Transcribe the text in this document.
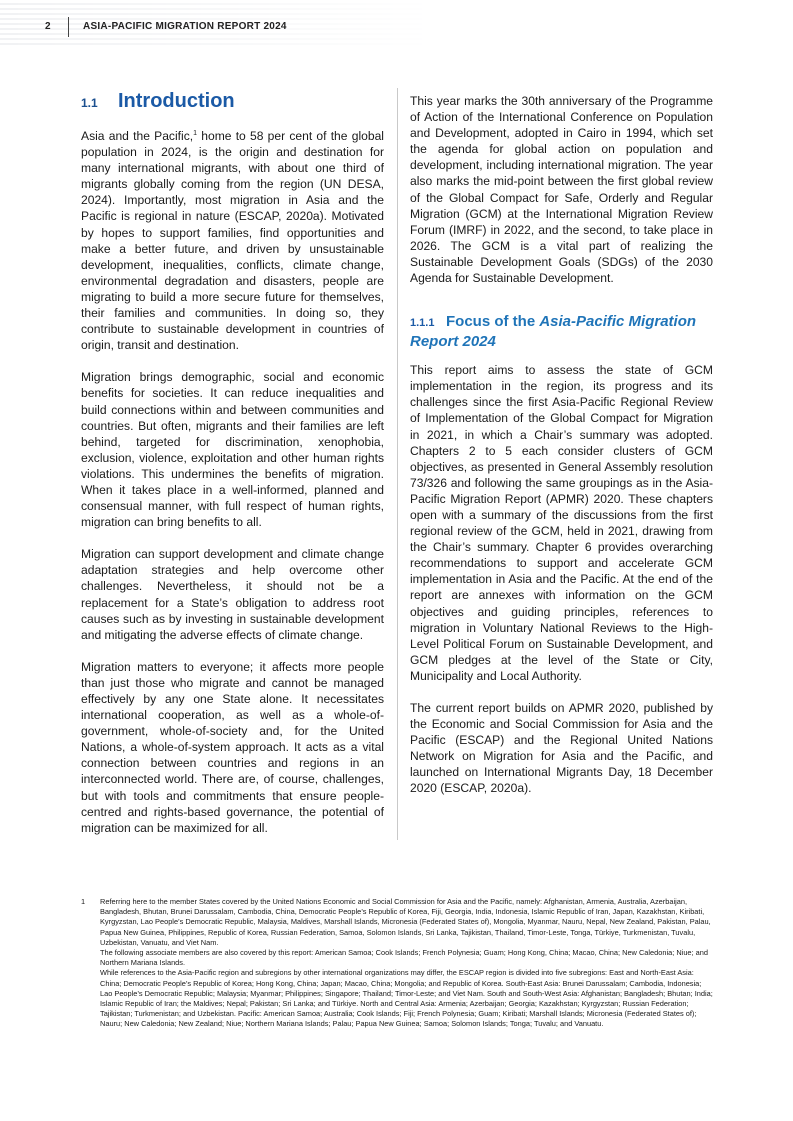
2	ASIA-PACIFIC MIGRATION REPORT 2024
1.1	Introduction

Asia and the Pacific,$^1$ home to 58 per cent of the global population in 2024, is the origin and destination for many international migrants, with about one third of migrants globally coming from the region (UN DESA, 2024). Importantly, most migration in Asia and the Pacific is regional in nature (ESCAP, 2020a). Motivated by hopes to support families, find opportunities and make a better future, and driven by unsustainable development, inequalities, conflicts, climate change, environmental degradation and disasters, people are migrating to build a more secure future for themselves, their families and communities. In doing so, they contribute to sustainable development in countries of origin, transit and destination.

Migration brings demographic, social and economic benefits for societies. It can reduce inequalities and build connections within and between communities and countries. But often, migrants and their families are left behind, targeted for discrimination, xenophobia, exclusion, violence, exploitation and other human rights violations. This undermines the benefits of migration. When it takes place in a well-informed, planned and consensual manner, with full respect of human rights, migration can bring benefits to all.

Migration can support development and climate change adaptation strategies and help overcome other challenges. Nevertheless, it should not be a replacement for a State’s obligation to address root causes such as by investing in sustainable development and mitigating the adverse effects of climate change.

Migration matters to everyone; it affects more people than just those who migrate and cannot be managed effectively by any one State alone. It necessitates international cooperation, as well as a whole-of-government, whole-of-society and, for the United Nations, a whole-of-system approach. It acts as a vital connection between countries and regions in an interconnected world. There are, of course, challenges, but with tools and commitments that ensure people-centred and rights-based governance, the potential of migration can be maximized for all.

This year marks the 30th anniversary of the Programme of Action of the International Conference on Population and Development, adopted in Cairo in 1994, which set the agenda for global action on population and development, including international migration. The year also marks the mid-point between the first global review of the Global Compact for Safe, Orderly and Regular Migration (GCM) at the International Migration Review Forum (IMRF) in 2022, and the second, to take place in 2026. The GCM is a vital part of realizing the Sustainable Development Goals (SDGs) of the 2030 Agenda for Sustainable Development.

1.1.1 Focus of the Asia-Pacific Migration Report 2024

This report aims to assess the state of GCM implementation in the region, its progress and its challenges since the first Asia-Pacific Regional Review of Implementation of the Global Compact for Migration in 2021, in which a Chair’s summary was adopted. Chapters 2 to 5 each consider clusters of GCM objectives, as presented in General Assembly resolution 73/326 and following the same groupings as in the Asia-Pacific Migration Report (APMR) 2020. These chapters open with a summary of the discussions from the first regional review of the GCM, held in 2021, drawing from the Chair’s summary. Chapter 6 provides overarching recommendations to support and accelerate GCM implementation in Asia and the Pacific. At the end of the report are annexes with information on the GCM objectives and guiding principles, references to migration in Voluntary National Reviews to the High-Level Political Forum on Sustainable Development, and GCM pledges at the level of the State or City, Municipality and Local Authority.

The current report builds on APMR 2020, published by the Economic and Social Commission for Asia and the Pacific (ESCAP) and the Regional United Nations Network on Migration for Asia and the Pacific, and launched on International Migrants Day, 18 December 2020 (ESCAP, 2020a).

1	Referring here to the member States covered by the United Nations Economic and Social Commission for Asia and the Pacific, namely: Afghanistan, Armenia, Australia, Azerbaijan, Bangladesh, Bhutan, Brunei Darussalam, Cambodia, China, Democratic People’s Republic of Korea, Fiji, Georgia, India, Indonesia, Islamic Republic of Iran, Japan, Kazakhstan, Kiribati, Kyrgyzstan, Lao People’s Democratic Republic, Malaysia, Maldives, Marshall Islands, Micronesia (Federated States of), Mongolia, Myanmar, Nauru, Nepal, New Zealand, Pakistan, Palau, Papua New Guinea, Philippines, Republic of Korea, Russian Federation, Samoa, Solomon Islands, Sri Lanka, Tajikistan, Thailand, Timor-Leste, Tonga, Türkiye, Turkmenistan, Tuvalu, Uzbekistan, Vanuatu, and Viet Nam.

The following associate members are also covered by this report: American Samoa; Cook Islands; French Polynesia; Guam; Hong Kong, China; Macao, China; New Caledonia; Niue; and Northern Mariana Islands.

While references to the Asia-Pacific region and subregions by other international organizations may differ, the ESCAP region is divided into five subregions: East and North-East Asia: China; Democratic People’s Republic of Korea; Hong Kong, China; Japan; Macao, China; Mongolia; and Republic of Korea. South-East Asia: Brunei Darussalam; Cambodia, Indonesia; Lao People’s Democratic Republic; Malaysia; Myanmar; Philippines; Singapore; Thailand; Timor-Leste; and Viet Nam. South and South-West Asia: Afghanistan; Bangladesh; Bhutan; India; Islamic Republic of Iran; the Maldives; Nepal; Pakistan; Sri Lanka; and Türkiye. North and Central Asia: Armenia; Azerbaijan; Georgia; Kazakhstan; Kyrgyzstan; Russian Federation; Tajikistan; Turkmenistan; and Uzbekistan. Pacific: American Samoa; Australia; Cook Islands; Fiji; French Polynesia; Guam; Kiribati; Marshall Islands; Micronesia (Federated States of); Nauru; New Caledonia; New Zealand; Niue; Northern Mariana Islands; Palau; Papua New Guinea; Samoa; Solomon Islands; Tonga; Tuvalu; and Vanuatu.
